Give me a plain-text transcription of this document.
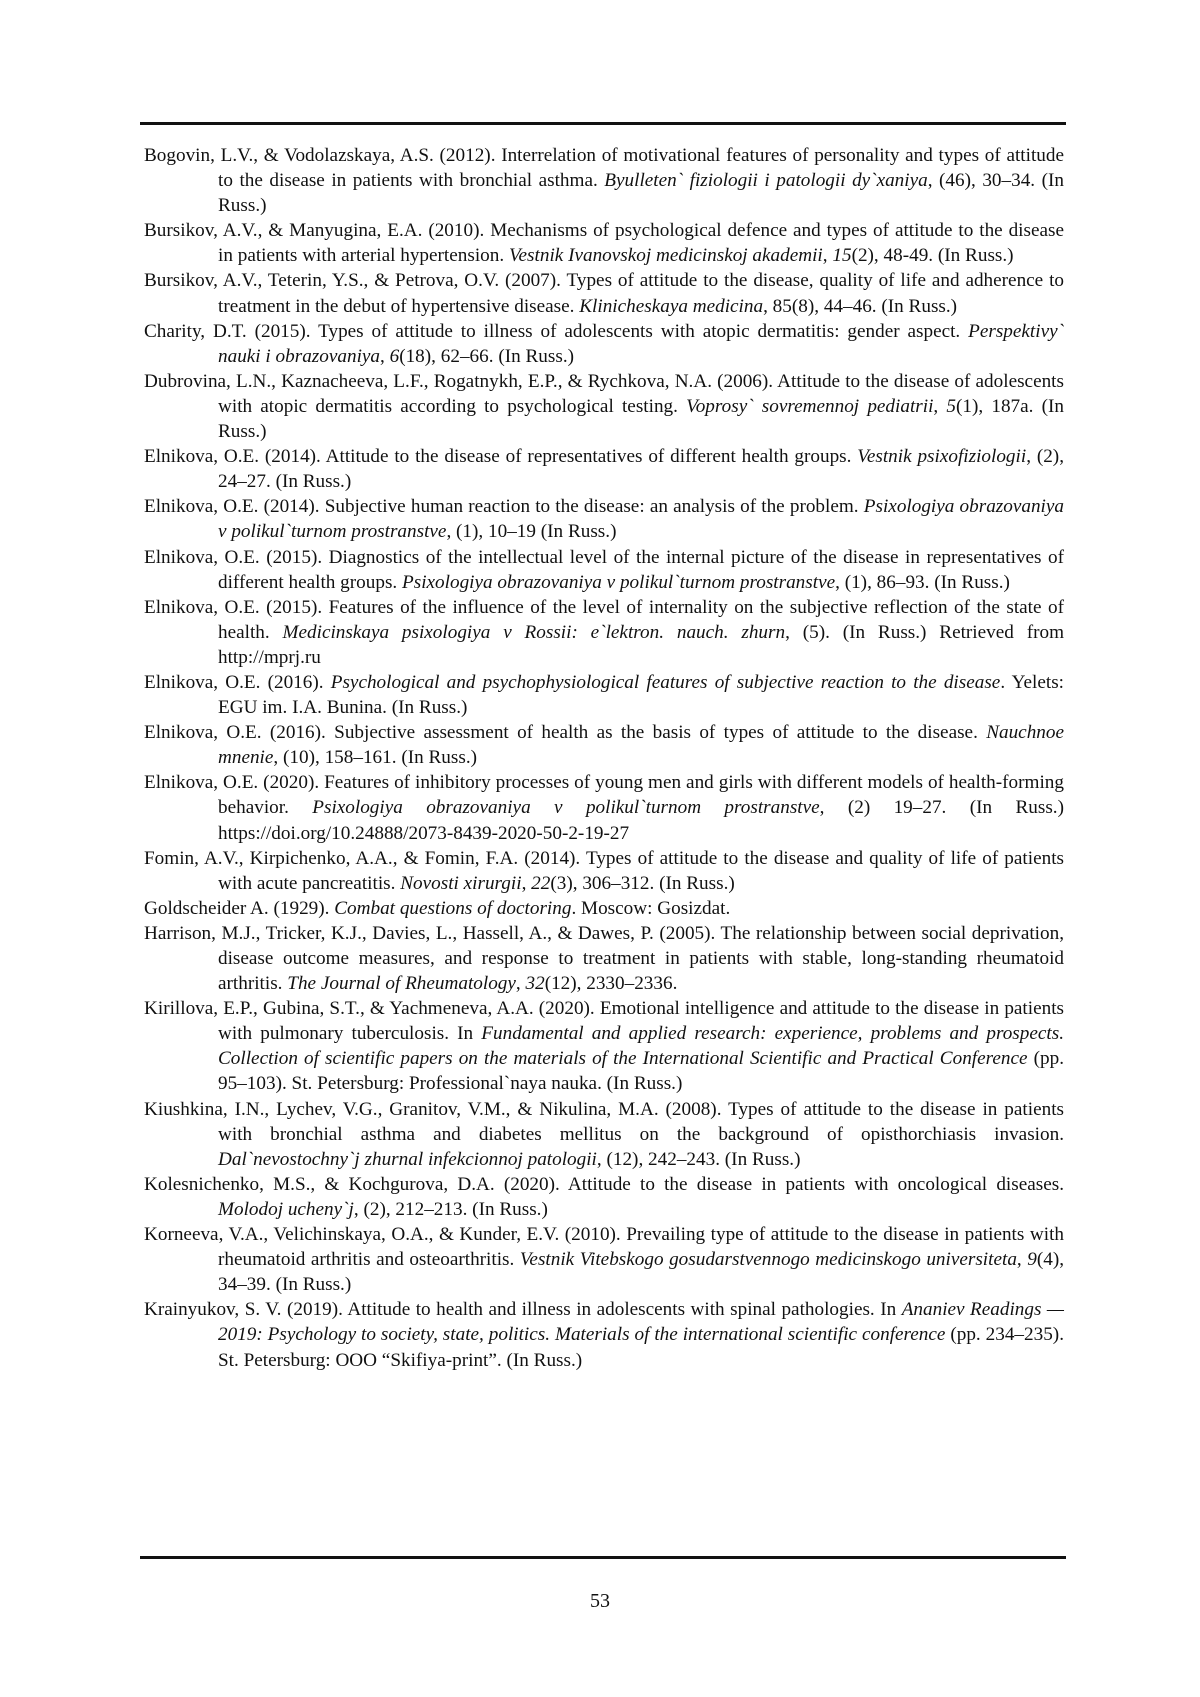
Bogovin, L.V., & Vodolazskaya, A.S. (2012). Interrelation of motivational features of personality and types of attitude to the disease in patients with bronchial asthma. Byulleten` fiziologii i patologii dy`xaniya, (46), 30–34. (In Russ.)

Bursikov, A.V., & Manyugina, E.A. (2010). Mechanisms of psychological defence and types of attitude to the disease in patients with arterial hypertension. Vestnik Ivanovskoj medicinskoj akademii, 15(2), 48-49. (In Russ.)

Bursikov, A.V., Teterin, Y.S., & Petrova, O.V. (2007). Types of attitude to the disease, quality of life and adherence to treatment in the debut of hypertensive disease. Klinicheskaya medicina, 85(8), 44–46. (In Russ.)

Charity, D.T. (2015). Types of attitude to illness of adolescents with atopic dermatitis: gender aspect. Perspektivy` nauki i obrazovaniya, 6(18), 62–66. (In Russ.)

Dubrovina, L.N., Kaznacheeva, L.F., Rogatnykh, E.P., & Rychkova, N.A. (2006). Attitude to the disease of adolescents with atopic dermatitis according to psychological testing. Voprosy` sovremennoj pediatrii, 5(1), 187a. (In Russ.)

Elnikova, O.E. (2014). Attitude to the disease of representatives of different health groups. Vestnik psixofiziologii, (2), 24–27. (In Russ.)

Elnikova, O.E. (2014). Subjective human reaction to the disease: an analysis of the problem. Psixologiya obrazovaniya v polikul`turnom prostranstve, (1), 10–19 (In Russ.)

Elnikova, O.E. (2015). Diagnostics of the intellectual level of the internal picture of the disease in representatives of different health groups. Psixologiya obrazovaniya v polikul`turnom prostranstve, (1), 86–93. (In Russ.)

Elnikova, O.E. (2015). Features of the influence of the level of internality on the subjective reflection of the state of health. Medicinskaya psixologiya v Rossii: e`lektron. nauch. zhurn, (5). (In Russ.) Retrieved from http://mprj.ru

Elnikova, O.E. (2016). Psychological and psychophysiological features of subjective reaction to the disease. Yelets: EGU im. I.A. Bunina. (In Russ.)

Elnikova, O.E. (2016). Subjective assessment of health as the basis of types of attitude to the disease. Nauchnoe mnenie, (10), 158–161. (In Russ.)

Elnikova, O.E. (2020). Features of inhibitory processes of young men and girls with different models of health-forming behavior. Psixologiya obrazovaniya v polikul`turnom prostranstve, (2) 19–27. (In Russ.) https://doi.org/10.24888/2073-8439-2020-50-2-19-27

Fomin, A.V., Kirpichenko, A.A., & Fomin, F.A. (2014). Types of attitude to the disease and quality of life of patients with acute pancreatitis. Novosti xirurgii, 22(3), 306–312. (In Russ.)

Goldscheider A. (1929). Combat questions of doctoring. Moscow: Gosizdat.

Harrison, M.J., Tricker, K.J., Davies, L., Hassell, A., & Dawes, P. (2005). The relationship between social deprivation, disease outcome measures, and response to treatment in patients with stable, long-standing rheumatoid arthritis. The Journal of Rheumatology, 32(12), 2330–2336.

Kirillova, E.P., Gubina, S.T., & Yachmeneva, A.A. (2020). Emotional intelligence and attitude to the disease in patients with pulmonary tuberculosis. In Fundamental and applied research: experience, problems and prospects. Collection of scientific papers on the materials of the International Scientific and Practical Conference (pp. 95–103). St. Petersburg: Professional`naya nauka. (In Russ.)

Kiushkina, I.N., Lychev, V.G., Granitov, V.M., & Nikulina, M.A. (2008). Types of attitude to the disease in patients with bronchial asthma and diabetes mellitus on the background of opisthorchiasis invasion. Dal`nevostochny`j zhurnal infekcionnoj patologii, (12), 242–243. (In Russ.)

Kolesnichenko, M.S., & Kochgurova, D.A. (2020). Attitude to the disease in patients with oncological diseases. Molodoj ucheny`j, (2), 212–213. (In Russ.)

Korneeva, V.A., Velichinskaya, O.A., & Kunder, E.V. (2010). Prevailing type of attitude to the disease in patients with rheumatoid arthritis and osteoarthritis. Vestnik Vitebskogo gosudarstvennogo medicinskogo universiteta, 9(4), 34–39. (In Russ.)

Krainyukov, S. V. (2019). Attitude to health and illness in adolescents with spinal pathologies. In Ananiev Readings — 2019: Psychology to society, state, politics. Materials of the international scientific conference (pp. 234–235). St. Petersburg: OOO “Skifiya-print”. (In Russ.)

53
